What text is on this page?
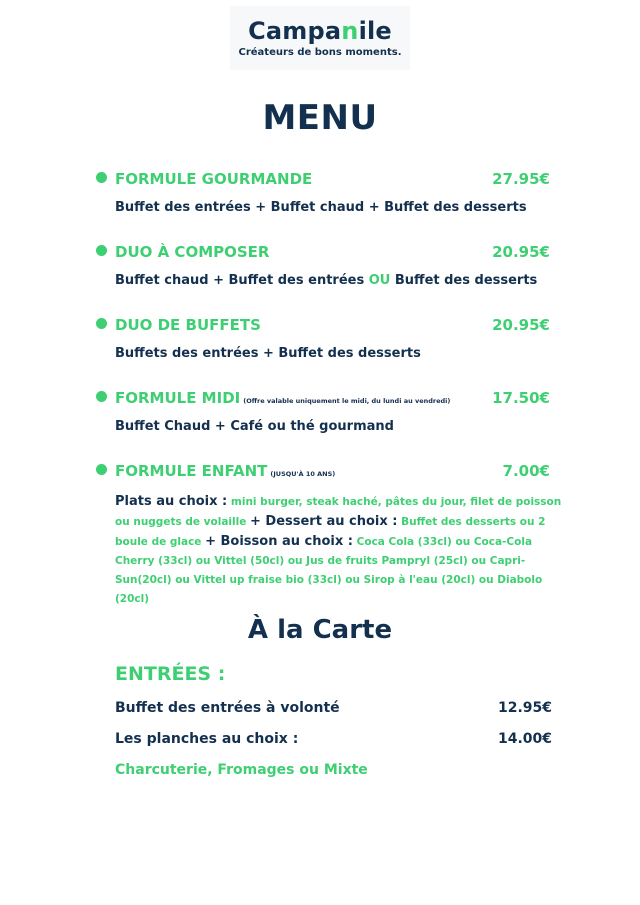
Campanile
Créateurs de bons moments.
MENU
FORMULE GOURMANDE	27.95€
Buffet des entrées + Buffet chaud + Buffet des desserts
DUO À COMPOSER	20.95€
Buffet chaud + Buffet des entrées OU Buffet des desserts
DUO DE BUFFETS	20.95€
Buffets des entrées + Buffet des desserts
FORMULE MIDI (Offre valable uniquement le midi, du lundi au vendredi)	17.50€
Buffet Chaud + Café ou thé gourmand
FORMULE ENFANT (JUSQU'À 10 ANS)	7.00€
Plats au choix : mini burger, steak haché, pâtes du jour, filet de poisson ou nuggets de volaille + Dessert au choix : Buffet des desserts ou 2 boule de glace + Boisson au choix : Coca Cola (33cl) ou Coca-Cola Cherry (33cl) ou Vittel (50cl) ou Jus de fruits Pampryl (25cl) ou Capri-Sun(20cl) ou Vittel up fraise bio (33cl) ou Sirop à l'eau (20cl) ou Diabolo (20cl)
À la Carte
ENTRÉES :
Buffet des entrées à volonté	12.95€
Les planches au choix :	14.00€
Charcuterie, Fromages ou Mixte
